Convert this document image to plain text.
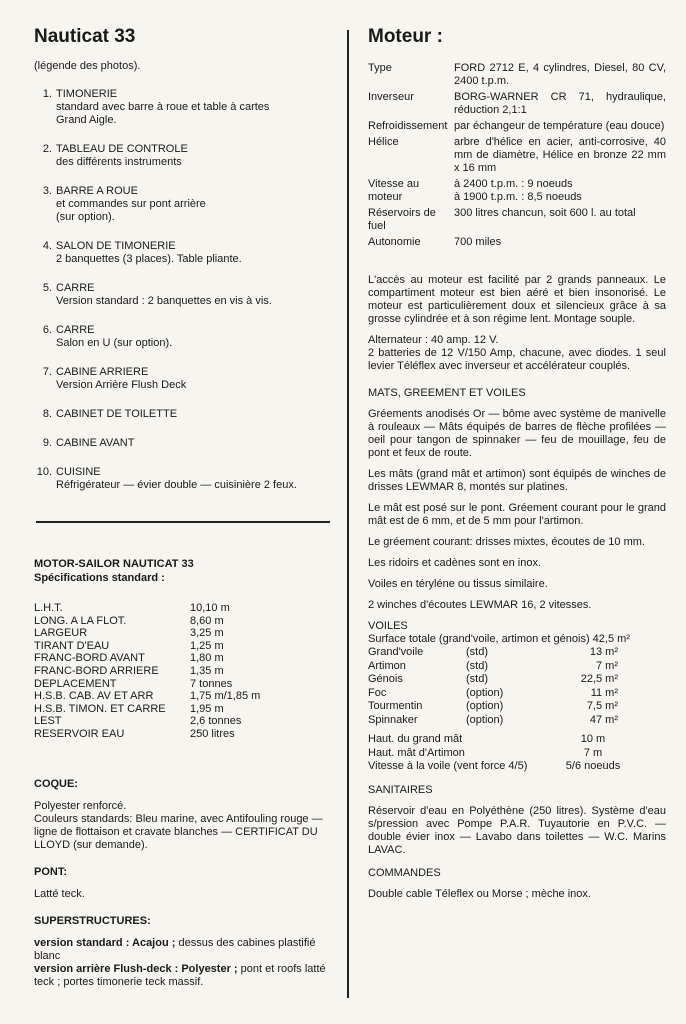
Nauticat 33
(légende des photos).
1. TIMONERIE
standard avec barre à roue et table à cartes
Grand Aigle.
2. TABLEAU DE CONTROLE
des différents instruments
3. BARRE A ROUE
et commandes sur pont arrière
(sur option).
4. SALON DE TIMONERIE
2 banquettes (3 places). Table pliante.
5. CARRE
Version standard : 2 banquettes en vis à vis.
6. CARRE
Salon en U (sur option).
7. CABINE ARRIERE
Version Arrière Flush Deck
8. CABINET DE TOILETTE
9. CABINE AVANT
10. CUISINE
Réfrigérateur — évier double — cuisinière 2 feux.
MOTOR-SAILOR NAUTICAT 33
Spécifications standard :
L.H.T.	10,10 m
LONG. A LA FLOT.	8,60 m
LARGEUR	3,25 m
TIRANT D'EAU	1,25 m
FRANC-BORD AVANT	1,80 m
FRANC-BORD ARRIERE	1,35 m
DEPLACEMENT	7 tonnes
H.S.B. CAB. AV ET ARR	1,75 m/1,85 m
H.S.B. TIMON. ET CARRE	1,95 m
LEST	2,6 tonnes
RESERVOIR EAU	250 litres
COQUE:

Polyester renforcé.
Couleurs standards: Bleu marine, avec Antifouling rouge — ligne de flottaison et cravate blanches — CERTIFICAT DU LLOYD (sur demande).

PONT:

Latté teck.

SUPERSTRUCTURES:
version standard : Acajou ; dessus des cabines plastifié blanc
version arrière Flush-deck : Polyester ; pont et roofs latté teck ; portes timonerie teck massif.
Moteur :
Type	FORD 2712 E, 4 cylindres, Diesel, 80 CV, 2400 t.p.m.
Inverseur	BORG-WARNER CR 71, hydraulique, réduction 2,1:1
Refroidissement	par échangeur de température (eau douce)
Hélice	arbre d'hélice en acier, anti-corrosive, 40 mm de diamètre, Hélice en bronze 22 mm x 16 mm
Vitesse au moteur	à 2400 t.p.m. : 9 noeuds
à 1900 t.p.m. : 8,5 noeuds
Réservoirs de fuel	300 litres chancun, soit 600 l. au total
Autonomie	700 miles

L'accès au moteur est facilité par 2 grands panneaux. Le compartiment moteur est bien aéré et bien insonorisé. Le moteur est particulièrement doux et silencieux grâce à sa grosse cylindrée et à son régime lent. Montage souple.

Alternateur : 40 amp. 12 V.
2 batteries de 12 V/150 Amp, chacune, avec diodes. 1 seul levier Téléflex avec inverseur et accélérateur couplés.

MATS, GREEMENT ET VOILES

Gréements anodisés Or — bôme avec système de manivelle à rouleaux — Mâts équipés de barres de flèche profilées — oeil pour tangon de spinnaker — feu de mouillage, feu de pont et feux de route.

Les mâts (grand mât et artimon) sont équipés de winches de drisses LEWMAR 8, montés sur platines.

Le mât est posé sur le pont. Gréement courant pour le grand mât est de 6 mm, et de 5 mm pour l'artimon.

Le gréement courant: drisses mixtes, écoutes de 10 mm.

Les ridoirs et cadènes sont en inox.

Voiles en téryléne ou tissus similaire.

2 winches d'écoutes LEWMAR 16, 2 vitesses.

VOILES
Surface totale (grand'voile, artimon et génois) 42,5 m²
Grand'voile	(std)	13 m²
Artimon	(std)	7 m²
Génois	(std)	22,5 m²
Foc	(option)	11 m²
Tourmentin	(option)	7,5 m²
Spinnaker	(option)	47 m²
Haut. du grand mât	10 m
Haut. mât d'Artimon	7 m
Vitesse à la voile (vent force 4/5)	5/6 noeuds
SANITAIRES

Réservoir d'eau en Polyéthène (250 litres). Système d'eau s/pression avec Pompe P.A.R. Tuyautorie en P.V.C. — double évier inox — Lavabo dans toilettes — W.C. Marins LAVAC.

COMMANDES

Double cable Téleflex ou Morse ; mèche inox.
